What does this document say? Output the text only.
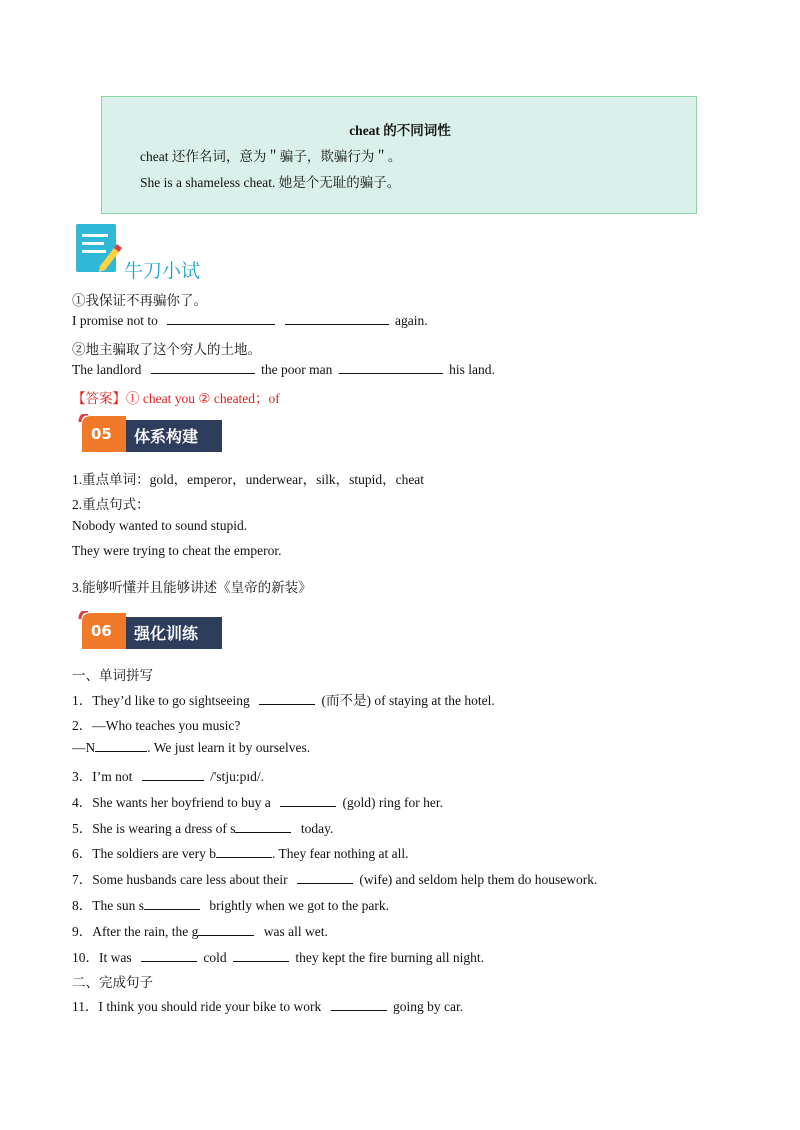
cheat 的不同词性
cheat 还作名词，意为＂骗子，欺骗行为＂。
She is a shameless cheat. 她是个无耻的骗子。
牛刀小试
①我保证不再骗你了。
I promise not to	again.
②地主骗取了这个穷人的土地。
The landlord	the poor man	his land.
【答案】① cheat you ② cheated；of
05 体系构建
1.重点单词：gold，emperor，underwear，silk，stupid，cheat
2.重点句式：
Nobody wanted to sound stupid.
They were trying to cheat the emperor.
3.能够听懂并且能够讲述《皇帝的新装》
06 强化训练
一、单词拼写
1．They’d like to go sightseeing	(而不是) of staying at the hotel.
2．—Who teaches you music?
—N	. We just learn it by ourselves.
3．I’m not	/'stju:pɪd/.
4．She wants her boyfriend to buy a	(gold) ring for her.
5．She is wearing a dress of s	today.
6．The soldiers are very b	. They fear nothing at all.
7．Some husbands care less about their	(wife) and seldom help them do housework.
8．The sun s	brightly when we got to the park.
9．After the rain, the g	was all wet.
10．It was	cold	they kept the fire burning all night.
二、完成句子
11．I think you should ride your bike to work	going by car.
